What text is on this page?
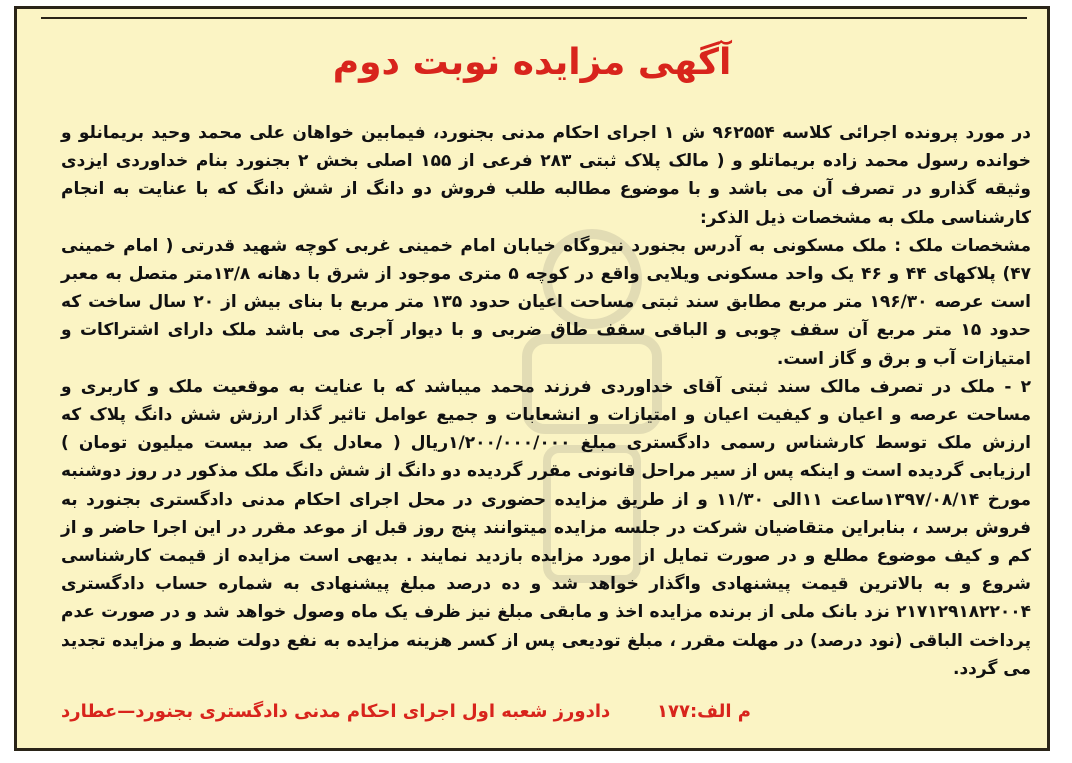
آگهی مزایده نوبت دوم

در مورد پرونده اجرائی کلاسه ۹۶۲۵۵۴ ش ۱ اجرای احکام مدنی بجنورد، فیمابین خواهان علی محمد وحید بریمانلو و خوانده رسول محمد زاده بریماتلو و ( مالک پلاک ثبتی ۲۸۳ فرعی از ۱۵۵ اصلی بخش ۲ بجنورد بنام خداوردی ایزدی وثیقه گذارو در تصرف آن می باشد و با موضوع مطالبه طلب فروش دو دانگ از شش دانگ که با عنایت به انجام کارشناسی ملک به مشخصات ذیل الذکر:

مشخصات ملک : ملک مسکونی به آدرس بجنورد نیروگاه خیابان امام خمینی غربی کوچه شهید قدرتی ( امام خمینی ۴۷) پلاکهای ۴۴ و ۴۶ یک واحد مسکونی ویلایی واقع در کوچه ۵ متری موجود از شرق با دهانه ۱۳/۸متر متصل به معبر است عرصه ۱۹۶/۳۰ متر مربع مطابق سند ثبتی مساحت اعیان حدود ۱۳۵ متر مربع با بنای بیش از ۲۰ سال ساخت که حدود ۱۵ متر مربع آن سقف چوبی و الباقی سقف طاق ضربی و با دیوار آجری می باشد ملک دارای اشتراکات و امتیازات آب و برق و گاز است.

۲ - ملک در تصرف مالک سند ثبتی آقای خداوردی فرزند محمد میباشد که با عنایت به موقعیت ملک و کاربری و مساحت عرصه و اعیان و کیفیت اعیان و امتیازات و انشعابات و جمیع عوامل تاثیر گذار ارزش شش دانگ پلاک که ارزش ملک توسط کارشناس رسمی دادگستری مبلغ ۱/۲۰۰/۰۰۰/۰۰۰ریال ( معادل یک صد بیست میلیون تومان ) ارزیابی گردیده است و اینکه پس از سیر مراحل قانونی مقرر گردیده دو دانگ از شش دانگ ملک مذکور در روز دوشنبه مورخ ۱۳۹۷/۰۸/۱۴ساعت ۱۱الی ۱۱/۳۰ و از طریق مزایده حضوری در محل اجرای احکام مدنی دادگستری بجنورد به فروش برسد ، بنابراین متقاضیان شرکت در جلسه مزایده میتوانند پنج روز قبل از موعد مقرر در این اجرا حاضر و از کم و کیف موضوع مطلع و در صورت تمایل از مورد مزایده بازدید نمایند . بدیهی است مزایده از قیمت کارشناسی شروع و به بالاترین قیمت پیشنهادی واگذار خواهد شد و ده درصد مبلغ پیشنهادی به شماره حساب دادگستری ۲۱۷۱۲۹۱۸۲۲۰۰۴ نزد بانک ملی از برنده مزایده اخذ و مابقی مبلغ نیز ظرف یک ماه وصول خواهد شد و در صورت عدم پرداخت الباقی (نود درصد) در مهلت مقرر ، مبلغ تودیعی پس از کسر هزینه مزایده به نفع دولت ضبط و مزایده تجدید می گردد.

م الف:۱۷۷
دادورز شعبه اول اجرای احکام مدنی دادگستری بجنورد—عطارد
